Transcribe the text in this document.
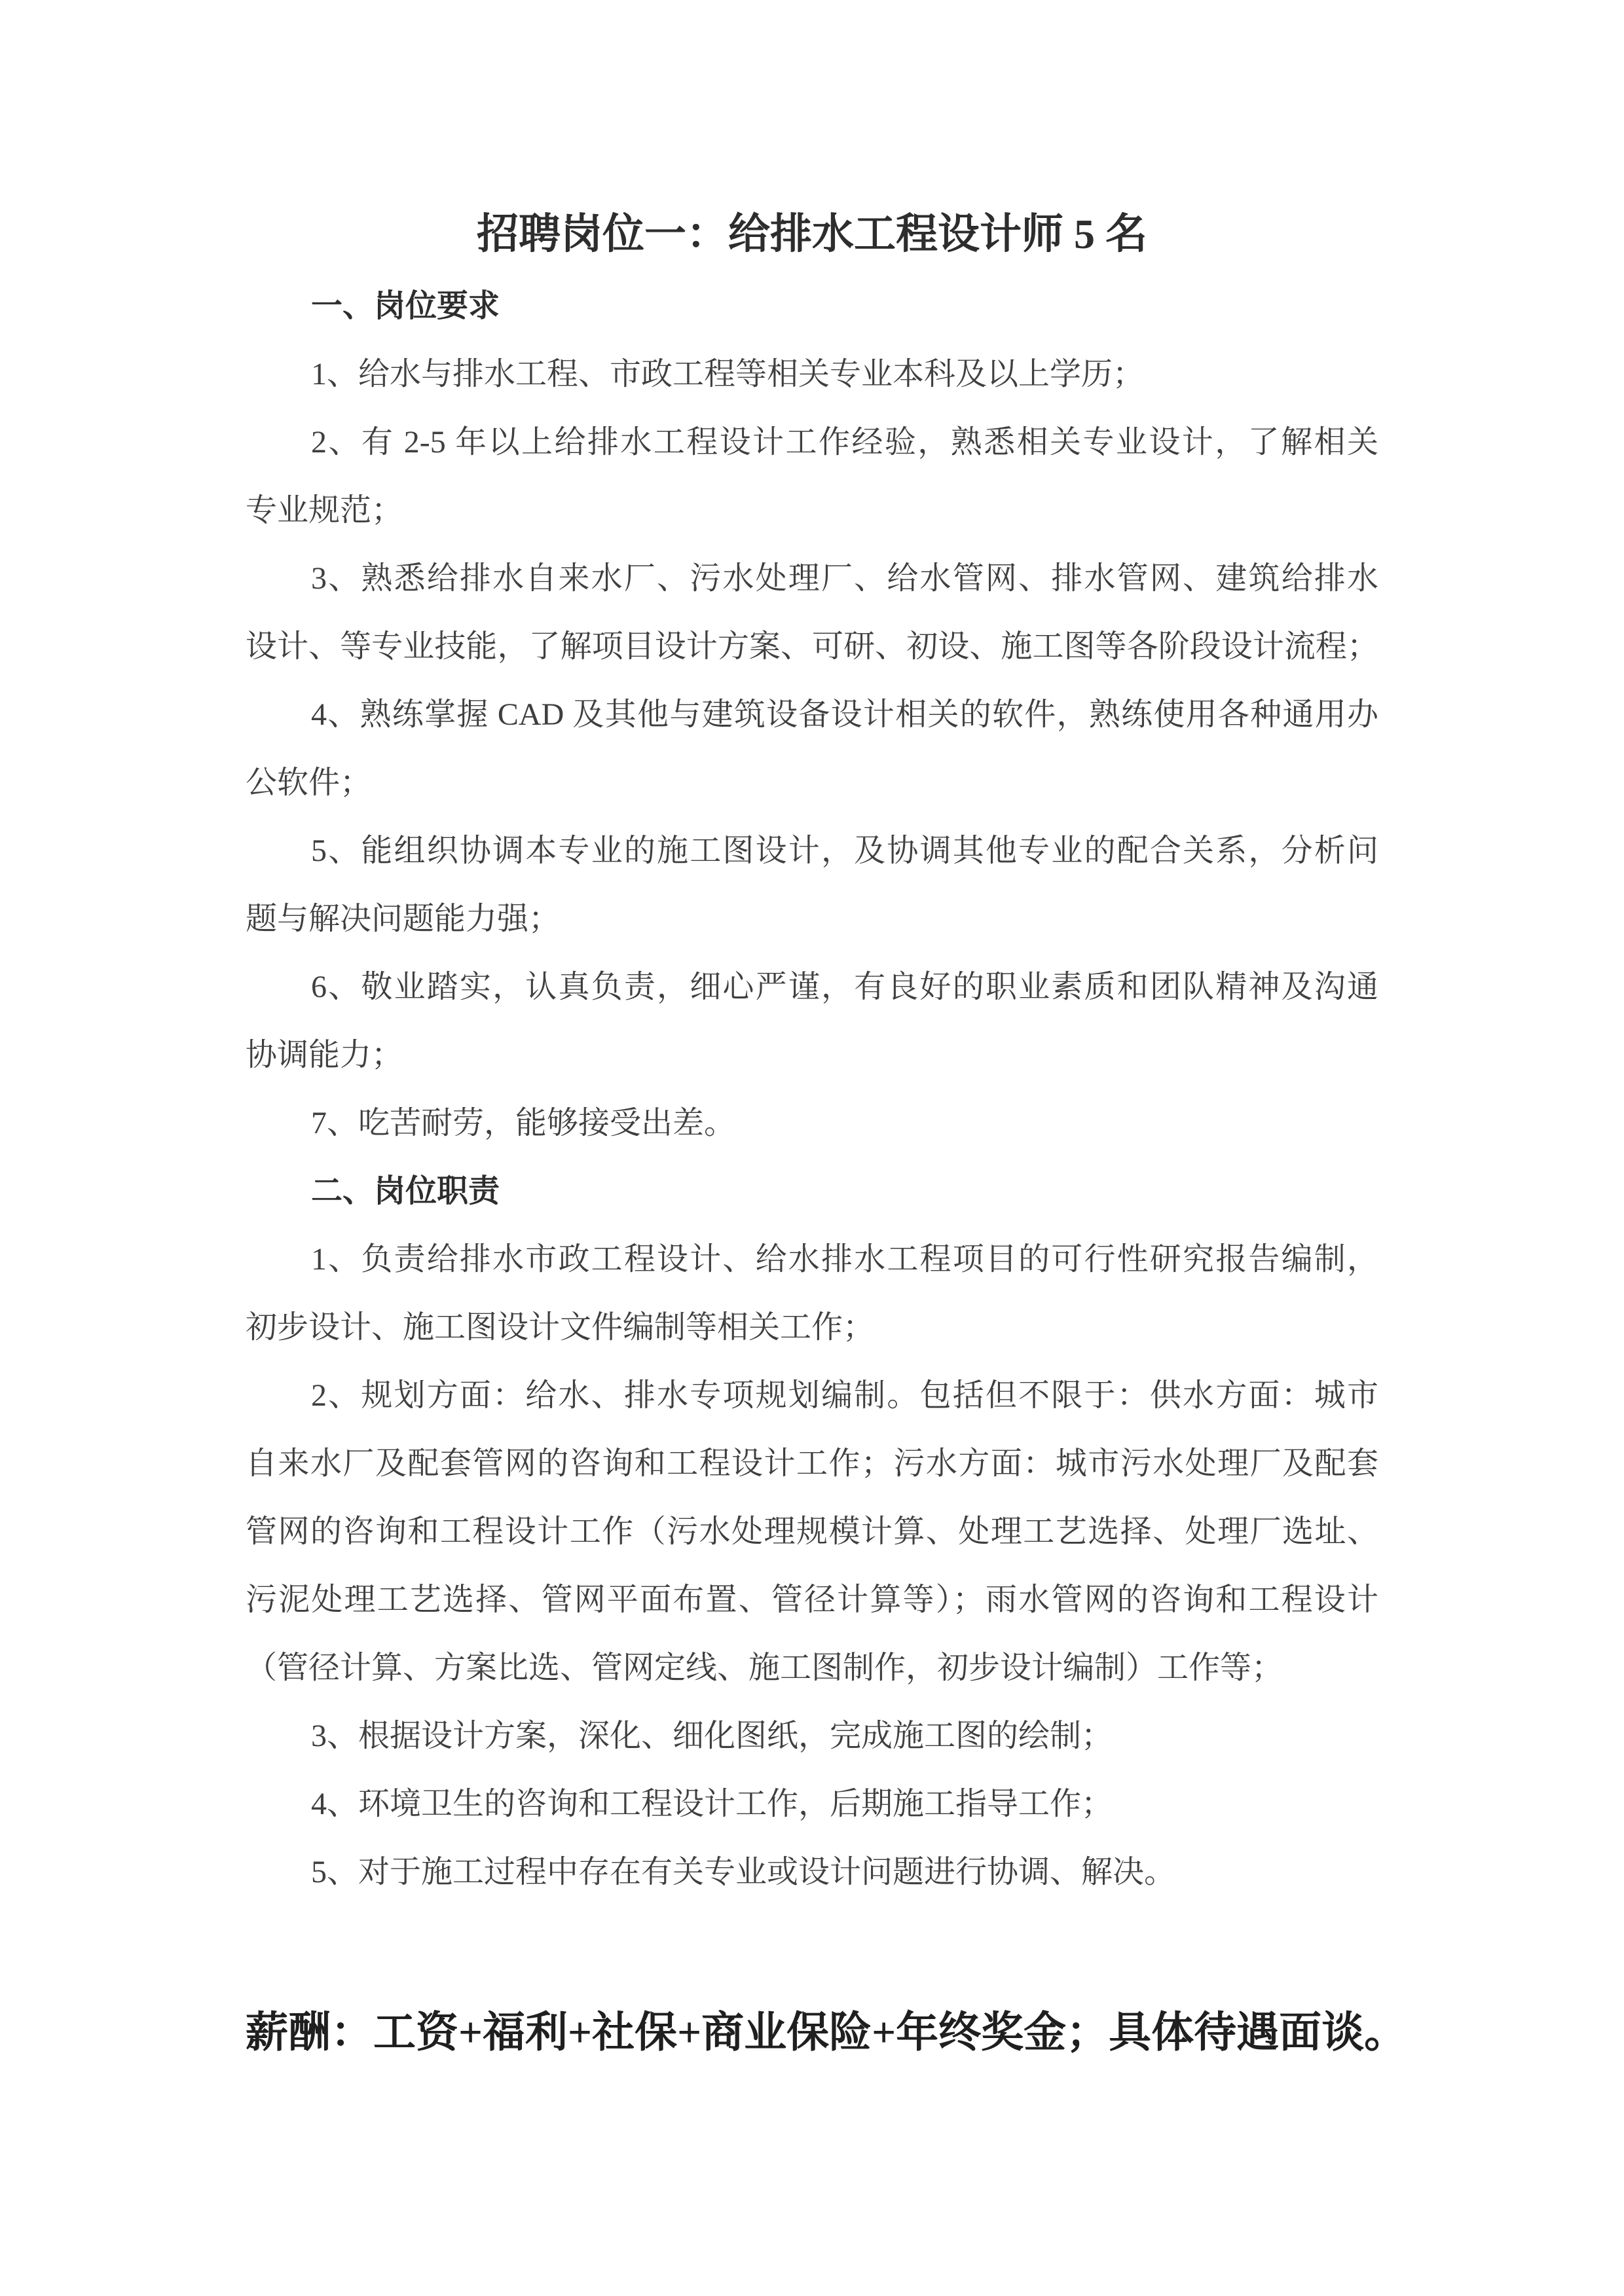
招聘岗位一：给排水工程设计师 5 名
一、岗位要求
1、给水与排水工程、市政工程等相关专业本科及以上学历；
2、有 2-5 年以上给排水工程设计工作经验，熟悉相关专业设计，了解相关
专业规范；
3、熟悉给排水自来水厂、污水处理厂、给水管网、排水管网、建筑给排水
设计、等专业技能，了解项目设计方案、可研、初设、施工图等各阶段设计流程；
4、熟练掌握 CAD 及其他与建筑设备设计相关的软件，熟练使用各种通用办
公软件；
5、能组织协调本专业的施工图设计，及协调其他专业的配合关系，分析问
题与解决问题能力强；
6、敬业踏实，认真负责，细心严谨，有良好的职业素质和团队精神及沟通
协调能力；
7、吃苦耐劳，能够接受出差。
二、岗位职责
1、负责给排水市政工程设计、给水排水工程项目的可行性研究报告编制，
初步设计、施工图设计文件编制等相关工作；
2、规划方面：给水、排水专项规划编制。包括但不限于：供水方面：城市
自来水厂及配套管网的咨询和工程设计工作；污水方面：城市污水处理厂及配套
管网的咨询和工程设计工作（污水处理规模计算、处理工艺选择、处理厂选址、
污泥处理工艺选择、管网平面布置、管径计算等）；雨水管网的咨询和工程设计
（管径计算、方案比选、管网定线、施工图制作，初步设计编制）工作等；
3、根据设计方案，深化、细化图纸，完成施工图的绘制；
4、环境卫生的咨询和工程设计工作，后期施工指导工作；
5、对于施工过程中存在有关专业或设计问题进行协调、解决。
薪酬：工资+福利+社保+商业保险+年终奖金；具体待遇面谈。
